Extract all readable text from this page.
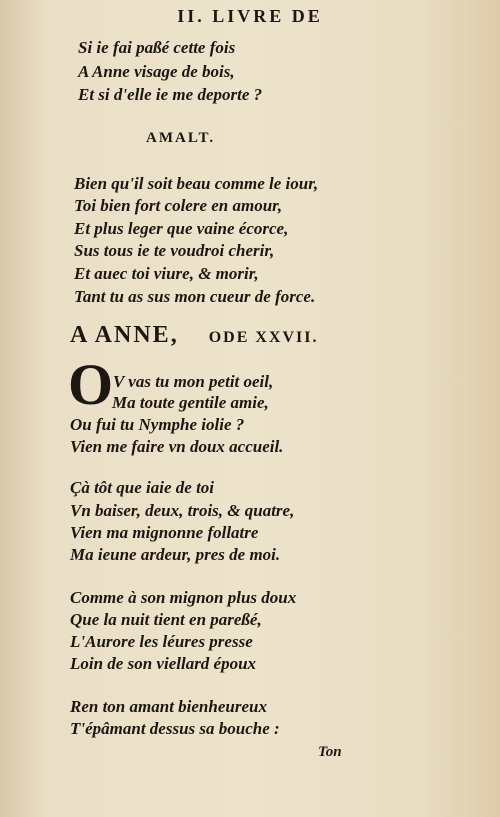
II. LIVRE DE
Si ie fai paßé cette fois
A Anne visage de bois,
Et si d'elle ie me deporte ?
AMALT.
Bien qu'il soit beau comme le iour,
Toi bien fort colere en amour,
Et plus leger que vaine écorce,
Sus tous ie te voudroi cherir,
Et auec toi viure, & morir,
Tant tu as sus mon cueur de force.
A ANNE, ODE XXVII.
O V vas tu mon petit oeil,
Ma toute gentile amie,
Ou fui tu Nymphe iolie ?
Vien me faire vn doux accueil.
Çà tôt que iaie de toi
Vn baiser, deux, trois, & quatre,
Vien ma mignonne follatre
Ma ieune ardeur, pres de moi.
Comme à son mignon plus doux
Que la nuit tient en pareßé,
L'Aurore les léures presse
Loin de son viellard époux
Ren ton amant bienheureux
T'épâmant dessus sa bouche :
Ton
